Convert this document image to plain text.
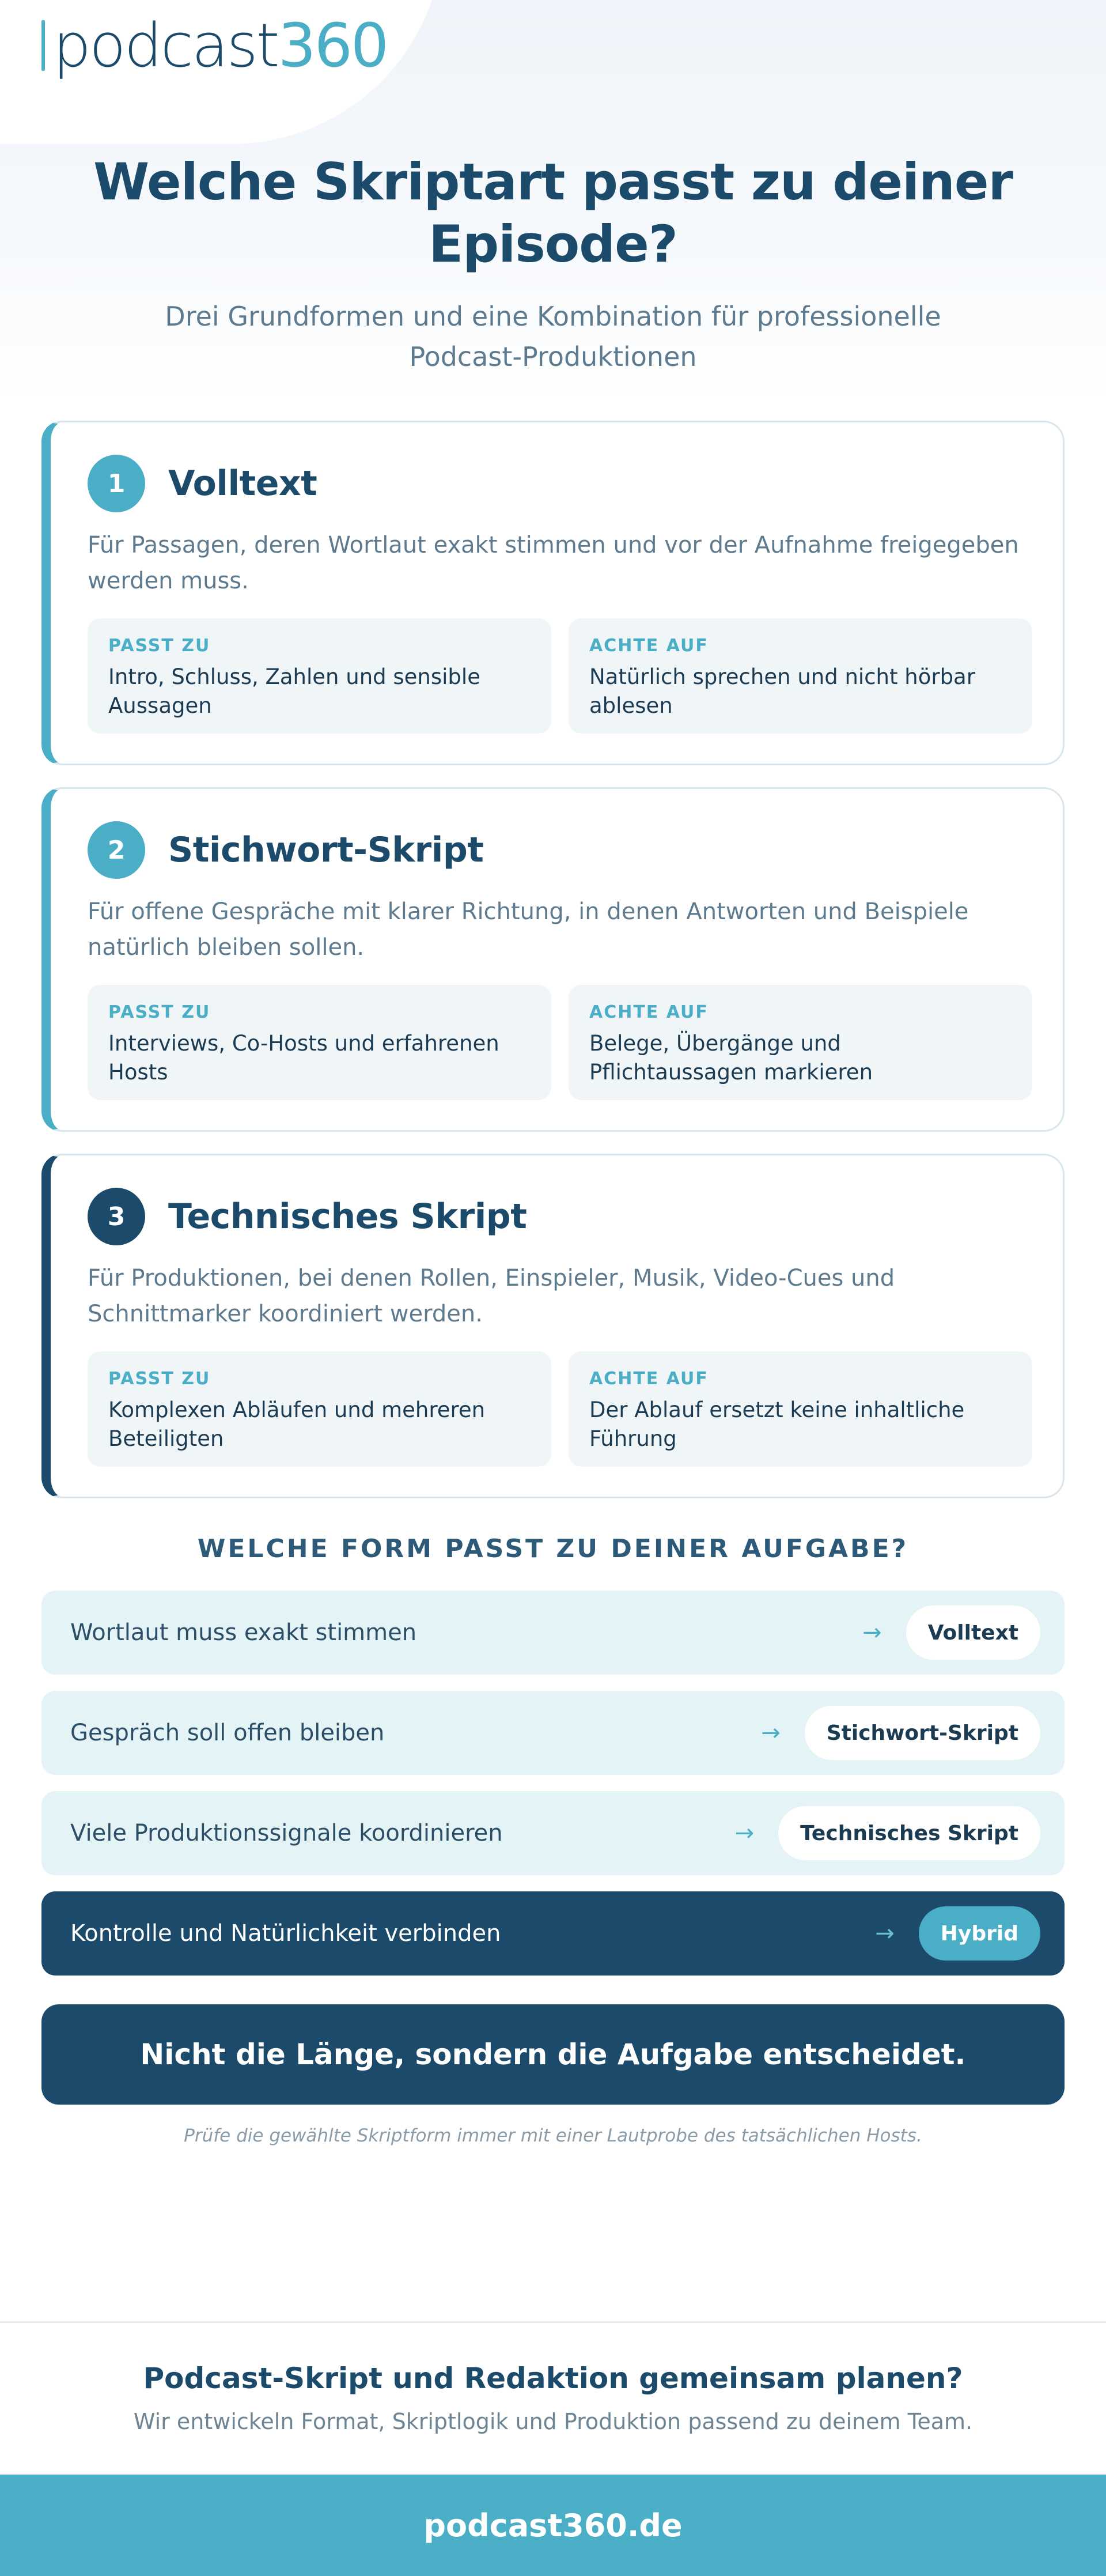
podcast 360
Welche Skriptart passt zu deiner Episode?

Drei Grundformen und eine Kombination für professionelle Podcast-Produktionen

1	Volltext
Für Passagen, deren Wortlaut exakt stimmen und vor der Aufnahme freigegeben werden muss.
PASST ZU
Intro, Schluss, Zahlen und sensible Aussagen
ACHTE AUF
Natürlich sprechen und nicht hörbar ablesen
2	Stichwort-Skript
Für offene Gespräche mit klarer Richtung, in denen Antworten und Beispiele natürlich bleiben sollen.
PASST ZU
Interviews, Co-Hosts und erfahrenen Hosts
ACHTE AUF
Belege, Übergänge und Pflichtaussagen markieren
3	Technisches Skript
Für Produktionen, bei denen Rollen, Einspieler, Musik, Video-Cues und Schnittmarker koordiniert werden.
PASST ZU
Komplexen Abläufen und mehreren Beteiligten
ACHTE AUF
Der Ablauf ersetzt keine inhaltliche Führung
WELCHE FORM PASST ZU DEINER AUFGABE?
Wortlaut muss exakt stimmen	→	Volltext
Gespräch soll offen bleiben	→	Stichwort-Skript
Viele Produktionssignale koordinieren	→	Technisches Skript
Kontrolle und Natürlichkeit verbinden	→	Hybrid
Nicht die Länge, sondern die Aufgabe entscheidet.
Prüfe die gewählte Skriptform immer mit einer Lautprobe des tatsächlichen Hosts.
Podcast-Skript und Redaktion gemeinsam planen?
Wir entwickeln Format, Skriptlogik und Produktion passend zu deinem Team.
podcast360.de
